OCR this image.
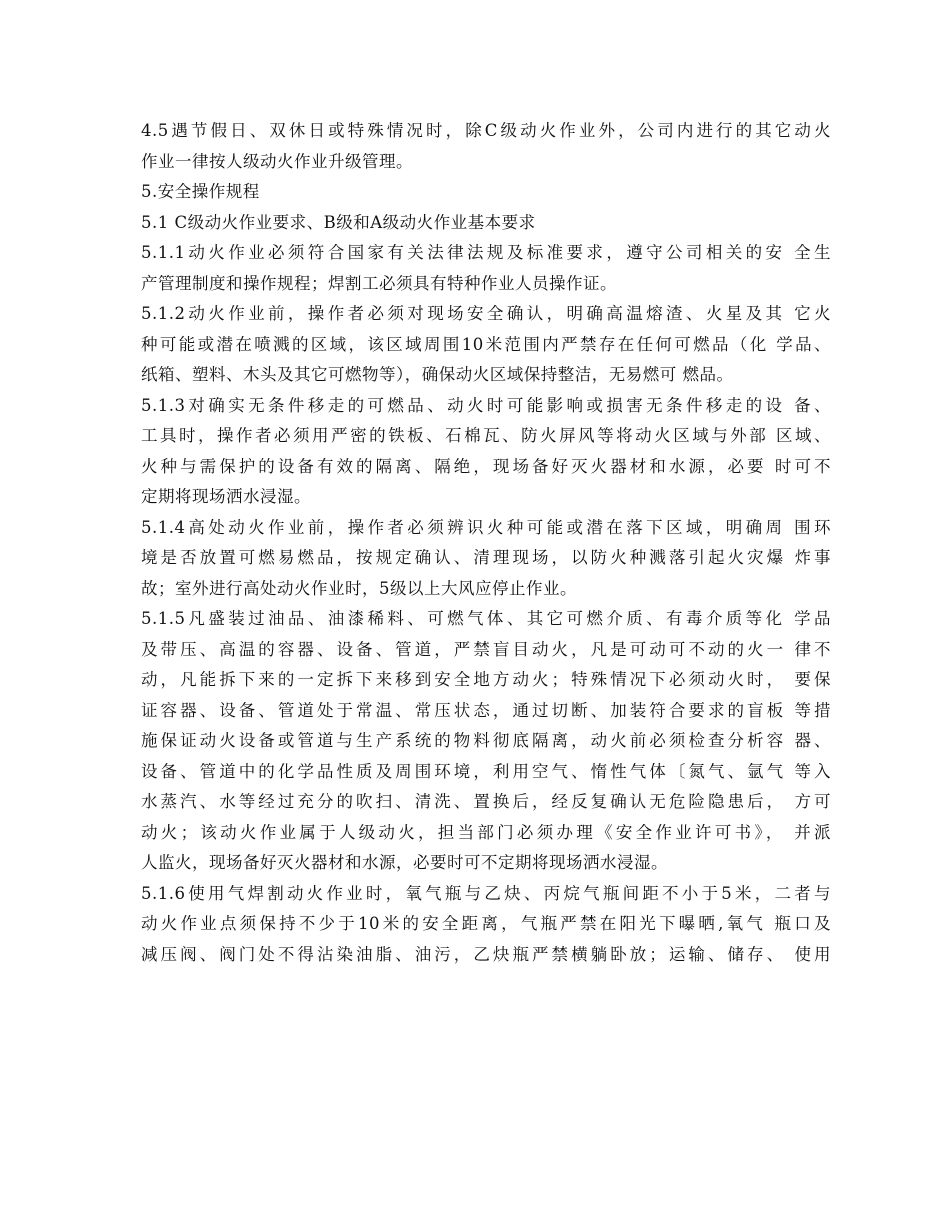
4.5遇节假日、双休日或特殊情况时，除C级动火作业外，公司内进行的其它动火
作业一律按人级动火作业升级管理。
5.安全操作规程
5.1 C级动火作业要求、B级和A级动火作业基本要求
5.1.1动火作业必须符合国家有关法律法规及标准要求，遵守公司相关的安 全生
产管理制度和操作规程；焊割工必须具有特种作业人员操作证。
5.1.2动火作业前，操作者必须对现场安全确认，明确高温熔渣、火星及其 它火
种可能或潜在喷溅的区域，该区域周围10米范围内严禁存在任何可燃品（化 学品、
纸箱、塑料、木头及其它可燃物等），确保动火区域保持整洁，无易燃可 燃品。
5.1.3对确实无条件移走的可燃品、动火时可能影响或损害无条件移走的设 备、
工具时，操作者必须用严密的铁板、石棉瓦、防火屏风等将动火区域与外部 区域、
火种与需保护的设备有效的隔离、隔绝，现场备好灭火器材和水源，必要 时可不
定期将现场洒水浸湿。
5.1.4高处动火作业前，操作者必须辨识火种可能或潜在落下区域，明确周 围环
境是否放置可燃易燃品，按规定确认、清理现场，以防火种溅落引起火灾爆 炸事
故；室外进行高处动火作业时，5级以上大风应停止作业。
5.1.5凡盛装过油品、油漆稀料、可燃气体、其它可燃介质、有毒介质等化 学品
及带压、高温的容器、设备、管道，严禁盲目动火，凡是可动可不动的火一 律不
动，凡能拆下来的一定拆下来移到安全地方动火；特殊情况下必须动火时， 要保
证容器、设备、管道处于常温、常压状态，通过切断、加装符合要求的盲板 等措
施保证动火设备或管道与生产系统的物料彻底隔离，动火前必须检查分析容 器、
设备、管道中的化学品性质及周围环境，利用空气、惰性气体〔氮气、氩气 等入
水蒸汽、水等经过充分的吹扫、清洗、置换后，经反复确认无危险隐患后， 方可
动火；该动火作业属于人级动火，担当部门必须办理《安全作业许可书》， 并派
人监火，现场备好灭火器材和水源，必要时可不定期将现场洒水浸湿。
5.1.6使用气焊割动火作业时，氧气瓶与乙炔、丙烷气瓶间距不小于5米，二者与
动火作业点须保持不少于10米的安全距离，气瓶严禁在阳光下曝晒,氧气 瓶口及
减压阀、阀门处不得沾染油脂、油污，乙炔瓶严禁横躺卧放；运输、储存、 使用
